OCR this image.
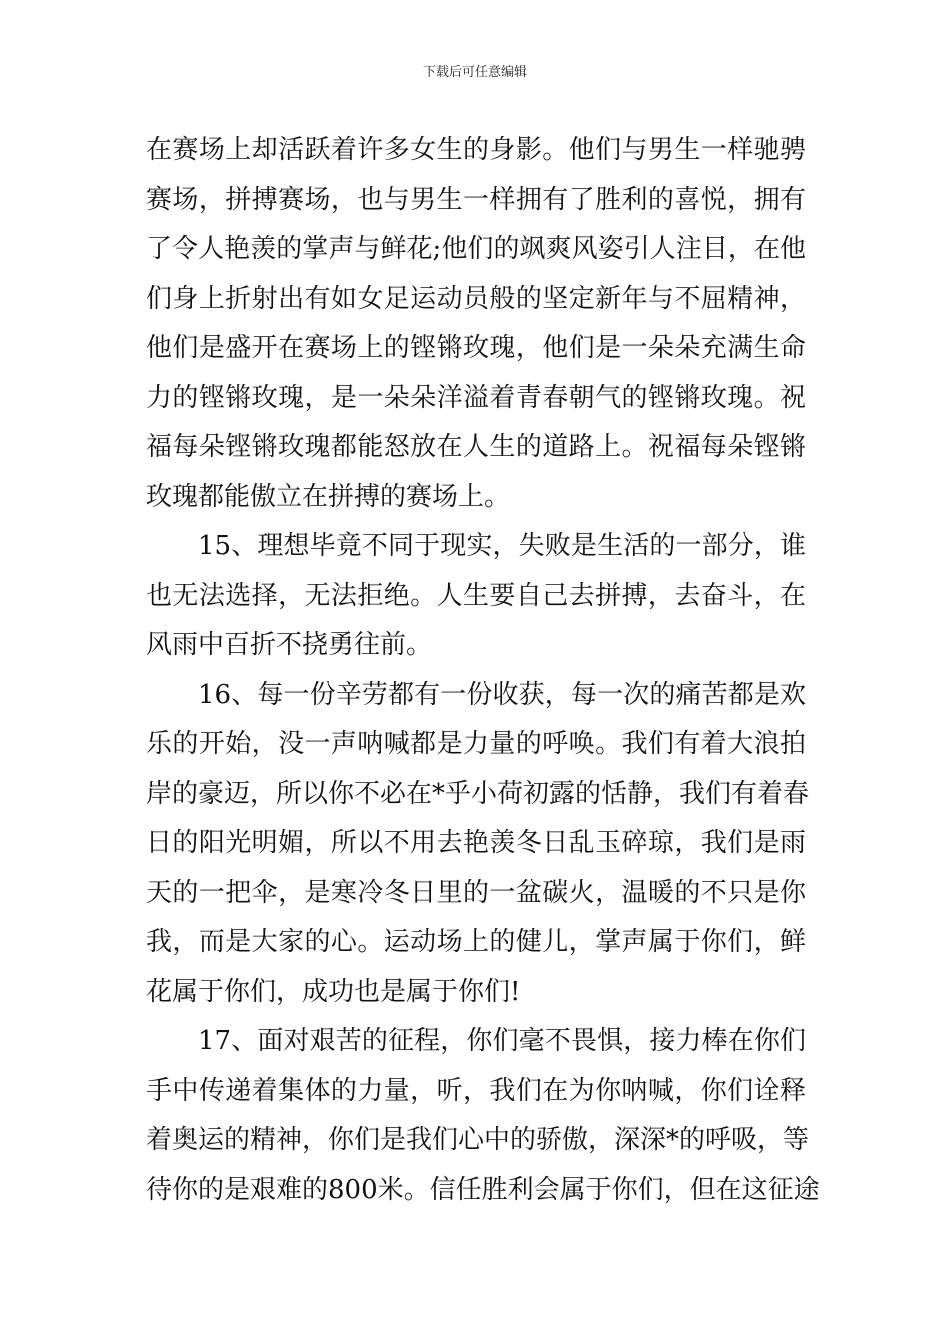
下载后可任意编辑
在赛场上却活跃着许多女生的身影。他们与男生一样驰骋
赛场，拼搏赛场，也与男生一样拥有了胜利的喜悦，拥有
了令人艳羡的掌声与鲜花;他们的飒爽风姿引人注目，在他
们身上折射出有如女足运动员般的坚定新年与不屈精神，
他们是盛开在赛场上的铿锵玫瑰，他们是一朵朵充满生命
力的铿锵玫瑰，是一朵朵洋溢着青春朝气的铿锵玫瑰。祝
福每朵铿锵玫瑰都能怒放在人生的道路上。祝福每朵铿锵
玫瑰都能傲立在拼搏的赛场上。
15、理想毕竟不同于现实，失败是生活的一部分，谁
也无法选择，无法拒绝。人生要自己去拼搏，去奋斗，在
风雨中百折不挠勇往前。
16、每一份辛劳都有一份收获，每一次的痛苦都是欢
乐的开始，没一声呐喊都是力量的呼唤。我们有着大浪拍
岸的豪迈，所以你不必在*乎小荷初露的恬静，我们有着春
日的阳光明媚，所以不用去艳羡冬日乱玉碎琼，我们是雨
天的一把伞，是寒冷冬日里的一盆碳火，温暖的不只是你
我，而是大家的心。运动场上的健儿，掌声属于你们，鲜
花属于你们，成功也是属于你们!
17、面对艰苦的征程，你们毫不畏惧，接力棒在你们
手中传递着集体的力量，听，我们在为你呐喊，你们诠释
着奥运的精神，你们是我们心中的骄傲，深深*的呼吸，等
待你的是艰难的800米。信任胜利会属于你们，但在这征途
